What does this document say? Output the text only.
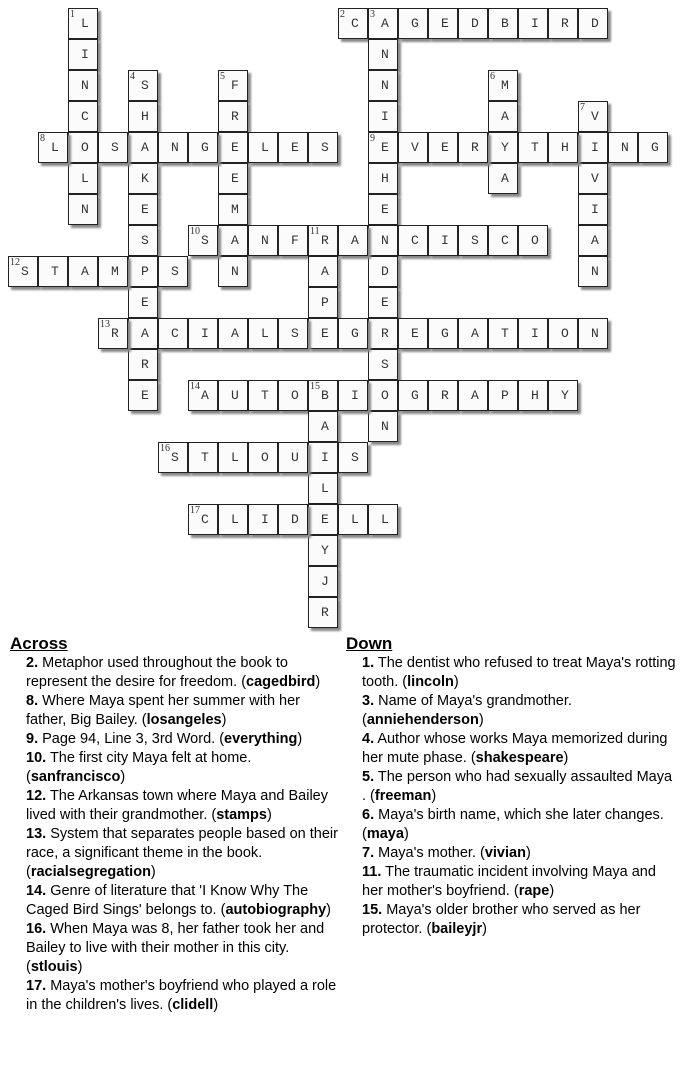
L
1
I
N
C
O
L
N
C
2
A
3
G E D B I R D
N
N
I
E
9
H
E
N
D
E
R
S
O
N
S
4
H
A
K
E
S
P
E
A
R
E
F
5
R
E
E
M
A
N
M
6
A
Y
A
V
7
I
V
I
A
N
L
8
S	N G	L E S	V E R	T H	N G
S
10
N F R
11
A	C I S C O
A
P
E
S
12
T A M	S
R
13
C I A L S	G	E G A T I O N
A
14
U T O B
15
I	G R A P H Y
A
I
L
E
Y
J
R
S
16
T L O U	S
C
17
L I D	L L
Across
2. Metaphor used throughout the book to represent the desire for freedom. (cagedbird)
8. Where Maya spent her summer with her father, Big Bailey. (losangeles)
9. Page 94, Line 3, 3rd Word. (everything)
10. The first city Maya felt at home. (sanfrancisco)
12. The Arkansas town where Maya and Bailey lived with their grandmother. (stamps)
13. System that separates people based on their race, a significant theme in the book. (racialsegregation)
14. Genre of literature that 'I Know Why The Caged Bird Sings' belongs to. (autobiography)
16. When Maya was 8, her father took her and Bailey to live with their mother in this city. (stlouis)
17. Maya's mother's boyfriend who played a role in the children's lives. (clidell)
Down
1. The dentist who refused to treat Maya's rotting tooth. (lincoln)
3. Name of Maya's grandmother. (anniehenderson)
4. Author whose works Maya memorized during her mute phase. (shakespeare)
5. The person who had sexually assaulted Maya . (freeman)
6. Maya's birth name, which she later changes. (maya)
7. Maya's mother. (vivian)
11. The traumatic incident involving Maya and her mother's boyfriend. (rape)
15. Maya's older brother who served as her protector. (baileyjr)
